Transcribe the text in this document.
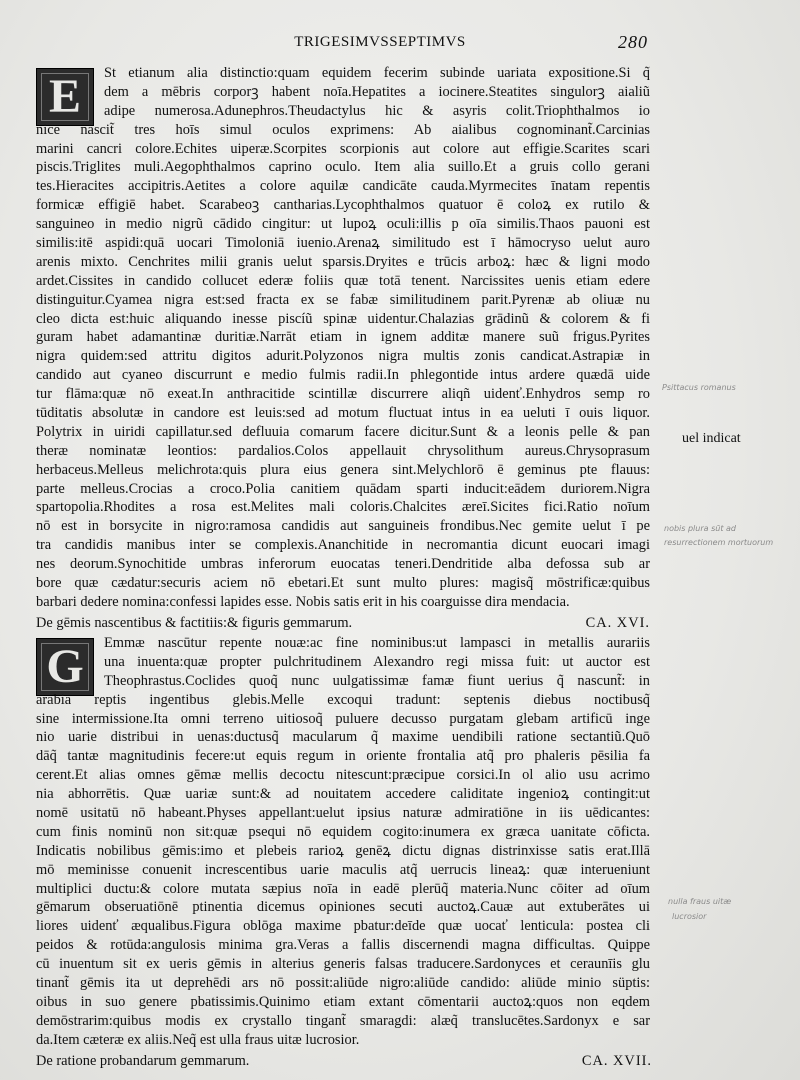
TRIGESIMVSSEPTIMVS	280
E	St etianum alia distinctio:quam equidem fecerim subinde uariata expositione.Si q̃
dem a mēbris corporꝫ habent noīa.Hepatites a iocinere.Steatites singulorꝫ aialiũ
adipe numerosa.Adunephros.Theudactylus hic & asyris colit.Triophthalmos io
nice nascit̃ tres hoīs simul oculos exprimens: Ab aialibus cognominant̃.Carcinias
marini cancri colore.Echites uiperæ.Scorpites scorpionis aut colore aut effigie.Scarites scari
piscis.Triglites muli.Aegophthalmos caprino oculo. Item alia suillo.Et a gruis collo gerani
tes.Hieracites accipitris.Aetites a colore aquilæ candicāte cauda.Myrmecites īnatam repentis
formicæ effigiē habet. Scarabeoꝫ cantharias.Lycophthalmos quatuor ē coloꝝ ex rutilo &
sanguineo in medio nigrũ cādido cingitur: ut lupoꝝ oculi:illis p oīa similis.Thaos pauoni est
similis:itē aspidi:quā uocari Timoloniā iuenio.Arenaꝝ similitudo est ī hāmocryso uelut auro
arenis mixto. Cenchrites milii granis uelut sparsis.Dryites e trūcis arboꝝ: hæc & ligni modo
ardet.Cissites in candido collucet ederæ foliis quæ totā tenent. Narcissites uenis etiam edere
distinguitur.Cyamea nigra est:sed fracta ex se fabæ similitudinem parit.Pyrenæ ab oliuæ nu
cleo dicta est:huic aliquando inesse piscíũ spinæ uidentur.Chalazias grādinũ & colorem & fi
guram habet adamantinæ duritiæ.Narrāt etiam in ignem additæ manere suũ frigus.Pyrites
nigra quidem:sed attritu digitos adurit.Polyzonos nigra multis zonis candicat.Astrapiæ in
candido aut cyaneo discurrunt e medio fulmis radii.In phlegontide intus ardere quædā uide
tur flāma:quæ nō exeat.In anthracitide scintillæ discurrere aliqñ uidenť.Enhydros semp ro
tūditatis absolutæ in candore est leuis:sed ad motum fluctuat intus in ea ueluti ī ouis liquor.
Polytrix in uiridi capillatur.sed defluuia comarum facere dicitur.Sunt & a leonis pelle & pan
theræ nominatæ leontios: pardalios.Colos appellauit chrysolithum aureus.Chrysoprasum
herbaceus.Melleus melichrota:quis plura eius genera sint.Melychlorō ē geminus pte flauus:
parte melleus.Crocias a croco.Polia canitiem quādam sparti inducit:eādem duriorem.Nigra
spartopolia.Rhodites a rosa est.Melites mali coloris.Chalcites æreī.Sicites fici.Ratio noīum
nō est in borsycite in nigro:ramosa candidis aut sanguineis frondibus.Nec gemite uelut ī pe
tra candidis manibus inter se complexis.Ananchitide in necromantia dicunt euocari imagi
nes deorum.Synochitide umbras inferorum euocatas teneri.Dendritide alba defossa sub ar
bore quæ cædatur:securis aciem nō ebetari.Et sunt multo plures: magisq̃ mōstrificæ:quibus
barbari dedere nomina:confessi lapides esse. Nobis satis erit in his coarguisse dira mendacia.
De gēmis nascentibus & factitiis:& figuris gemmarum.	CA. XVI.
G	Emmæ nascūtur repente nouæ:ac fine nominibus:ut lampasci in metallis aurariis
una inuenta:quæ propter pulchritudinem Alexandro regi missa fuit: ut auctor est
Theophrastus.Coclides quoq̃ nunc uulgatissimæ famæ fiunt uerius q̃ nascunt̃: in
arabia reptis ingentibus glebis.Melle excoqui tradunt: septenis diebus noctibusq̃
sine intermissione.Ita omni terreno uitiosoq̃ puluere decusso purgatam glebam artificū inge
nio uarie distribui in uenas:ductusq̃ macularum q̃ maxime uendibili ratione sectantiũ.Quō
dāq̃ tantæ magnitudinis fecere:ut equis regum in oriente frontalia atq̃ pro phaleris pēsilia fa
cerent.Et alias omnes gēmæ mellis decoctu nitescunt:præcipue corsici.In ol alio usu acrimo
nia abhorrētis. Quæ uariæ sunt:& ad nouitatem accedere caliditate ingenioꝝ contingit:ut
nomē usitatū nō habeant.Physes appellant:uelut ipsius naturæ admiratiōne in iis uēdicantes:
cum finis nominū non sit:quæ psequi nō equidem cogito:inumera ex græca uanitate cōficta.
Indicatis nobilibus gēmis:imo et plebeis rarioꝝ genēꝝ dictu dignas distrinxisse satis erat.Illā
mō meminisse conuenit increscentibus uarie maculis atq̃ uerrucis lineaꝝ: quæ interueniunt
multiplici ductu:& colore mutata sæpius noīa in eadē plerūq̃ materia.Nunc cōiter ad oīum
gēmarum obseruatiōnē ptinentia dicemus opiniones secuti auctoꝝ.Cauæ aut extuberātes ui
liores uidenť æqualibus.Figura oblōga maxime pbatur:deīde quæ uocať lenticula: postea cli
peidos & rotūda:angulosis minima gra.Veras a fallis discernendi magna difficultas. Quippe
cū inuentum sit ex ueris gēmis in alterius generis falsas traducere.Sardonyces et ceraunīis glu
tinant̃ gēmis ita ut deprehēdi ars nō possit:aliūde nigro:aliūde candido: aliūde minio süptis:
oibus in suo genere pbatissimis.Quinimo etiam extant cōmentarii auctoꝝ:quos non eqdem
demōstrarim:quibus modis ex crystallo tingant̃ smaragdi: alæq̃ translucētes.Sardonyx e sar
da.Item cæteræ ex aliis.Neq̃ est ulla fraus uitæ lucrosior.
De ratione probandarum gemmarum.	CA. XVII.
uel indicat
Psittacus romanus
nobis plura sūt ad
resurrectionem mortuorum
nulla fraus uitæ
lucrosior
